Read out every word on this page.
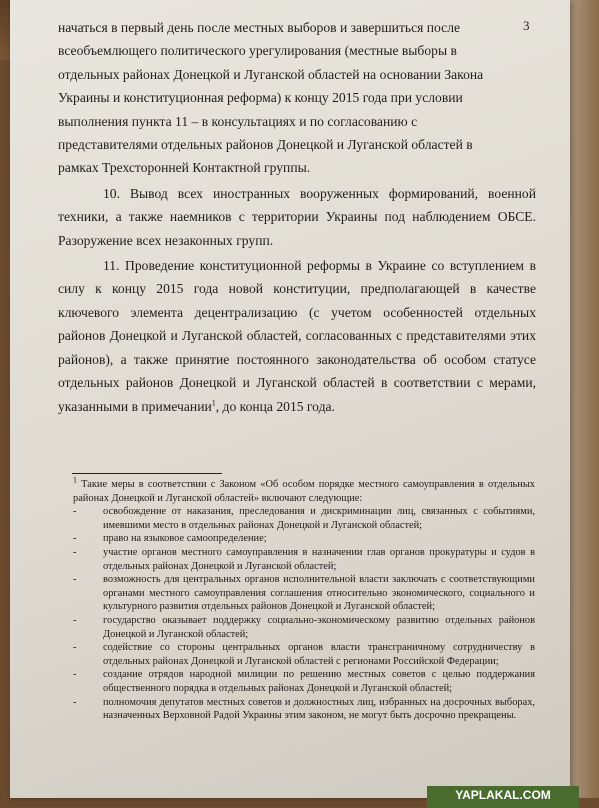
3

начаться в первый день после местных выборов и завершиться после
всеобъемлющего политического урегулирования (местные выборы в
отдельных районах Донецкой и Луганской областей на основании Закона
Украины и конституционная реформа) к концу 2015 года при условии
выполнения пункта 11 – в консультациях и по согласованию с
представителями отдельных районов Донецкой и Луганской областей в
рамках Трехсторонней Контактной группы.

10. Вывод всех иностранных вооруженных формирований, военной техники, а также наемников с территории Украины под наблюдением ОБСЕ. Разоружение всех незаконных групп.

11. Проведение конституционной реформы в Украине со вступлением в силу к концу 2015 года новой конституции, предполагающей в качестве ключевого элемента децентрализацию (с учетом особенностей отдельных районов Донецкой и Луганской областей, согласованных с представителями этих районов), а также принятие постоянного законодательства об особом статусе отдельных районов Донецкой и Луганской областей в соответствии с мерами, указанными в примечании$^1$, до конца 2015 года.

$^1$ Такие меры в соответствии с Законом «Об особом порядке местного самоуправления в отдельных районах Донецкой и Луганской областей» включают следующие:

-	освобождение от наказания, преследования и дискриминации лиц, связанных с событиями, имевшими место в отдельных районах Донецкой и Луганской областей;
-	право на языковое самоопределение;
-	участие органов местного самоуправления в назначении глав органов прокуратуры и судов в отдельных районах Донецкой и Луганской областей;
-	возможность для центральных органов исполнительной власти заключать с соответствующими органами местного самоуправления соглашения относительно экономического, социального и культурного развития отдельных районов Донецкой и Луганской областей;
-	государство оказывает поддержку социально-экономическому развитию отдельных районов Донецкой и Луганской областей;
-	содействие со стороны центральных органов власти трансграничному сотрудничеству в отдельных районах Донецкой и Луганской областей с регионами Российской Федерации;
-	создание отрядов народной милиции по решению местных советов с целью поддержания общественного порядка в отдельных районах Донецкой и Луганской областей;
-	полномочия депутатов местных советов и должностных лиц, избранных на досрочных выборах, назначенных Верховной Радой Украины этим законом, не могут быть досрочно прекращены.
YAPLAKAL.COM
